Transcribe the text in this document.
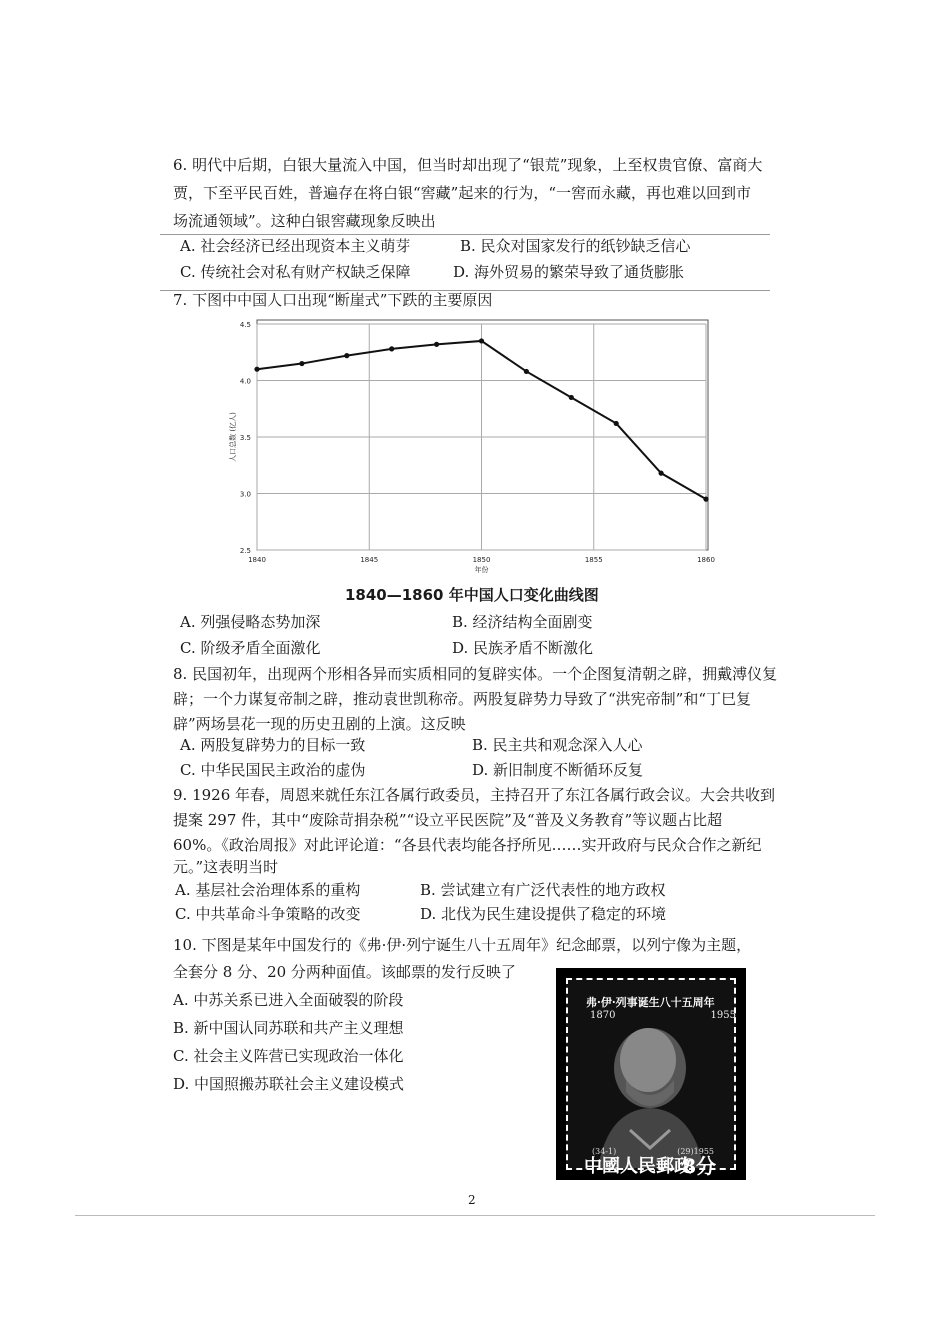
6. 明代中后期，白银大量流入中国，但当时却出现了“银荒”现象，上至权贵官僚、富商大
贾，下至平民百姓，普遍存在将白银“窖藏”起来的行为，“一窖而永藏，再也难以回到市
场流通领域”。这种白银窖藏现象反映出
A. 社会经济已经出现资本主义萌芽	B. 民众对国家发行的纸钞缺乏信心
C. 传统社会对私有财产权缺乏保障	D. 海外贸易的繁荣导致了通货膨胀
7. 下图中中国人口出现“断崖式”下跌的主要原因
1840	1845	1850	1855	1860
2.5
3.0
3.5
4.0
4.5
年份
人口总数 (亿人)
1840—1860 年中国人口变化曲线图
A. 列强侵略态势加深	B. 经济结构全面剧变
C. 阶级矛盾全面激化	D. 民族矛盾不断激化
8. 民国初年，出现两个形相各异而实质相同的复辟实体。一个企图复清朝之辟，拥戴溥仪复
辟；一个力谋复帝制之辟，推动袁世凯称帝。两股复辟势力导致了“洪宪帝制”和“丁巳复
辟”两场昙花一现的历史丑剧的上演。这反映
A. 两股复辟势力的目标一致	B. 民主共和观念深入人心
C. 中华民国民主政治的虚伪	D. 新旧制度不断循环反复
9. 1926 年春，周恩来就任东江各属行政委员，主持召开了东江各属行政会议。大会共收到
提案 297 件，其中“废除苛捐杂税”“设立平民医院”及“普及义务教育”等议题占比超
60%。《政治周报》对此评论道：“各县代表均能各抒所见……实开政府与民众合作之新纪
元。”这表明当时
A. 基层社会治理体系的重构	B. 尝试建立有广泛代表性的地方政权
C. 中共革命斗争策略的改变	D. 北伐为民生建设提供了稳定的环境
10. 下图是某年中国发行的《弗·伊·列宁诞生八十五周年》纪念邮票，以列宁像为主题，
全套分 8 分、20 分两种面值。该邮票的发行反映了
A. 中苏关系已进入全面破裂的阶段
B. 新中国认同苏联和共产主义理想
C. 社会主义阵营已实现政治一体化
D. 中国照搬苏联社会主义建设模式
弗·伊·列事诞生八十五周年
1870	1955
中國人民郵政
8分
(34-1)	(29)1955
2
